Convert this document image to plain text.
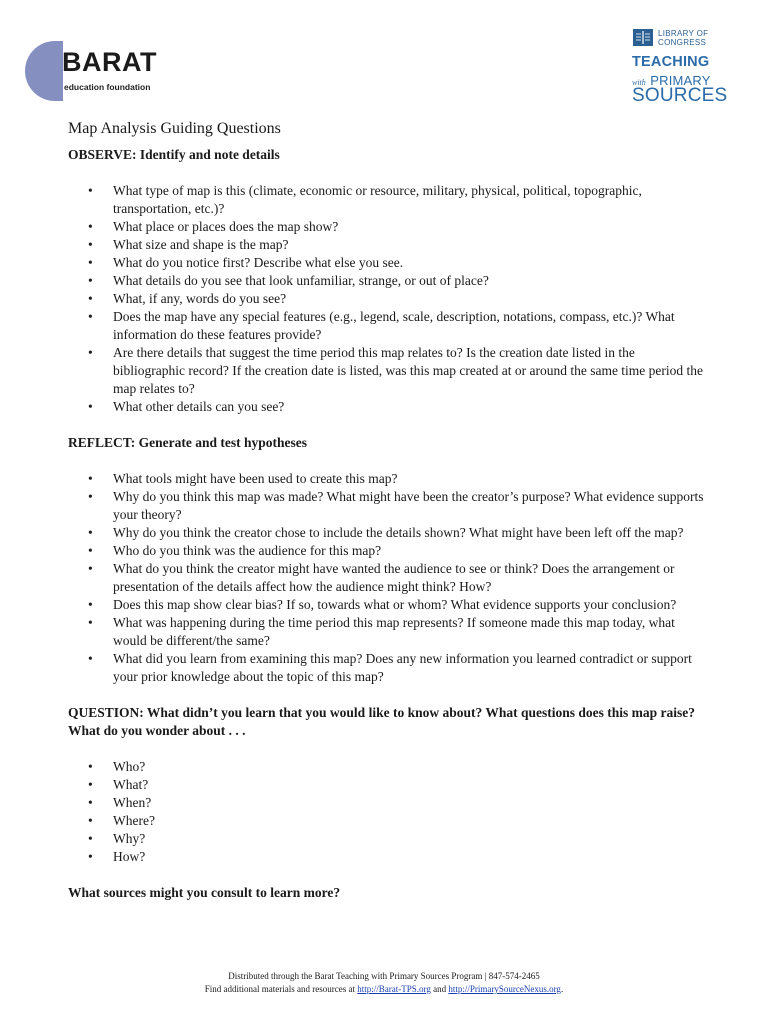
BARAT
education foundation
LIBRARY OF
CONGRESS
TEACHING
with PRIMARY
SOURCES
Map Analysis Guiding Questions

OBSERVE: Identify and note details

• What type of map is this (climate, economic or resource, military, physical, political, topographic, transportation, etc.)?
• What place or places does the map show?
• What size and shape is the map?
• What do you notice first? Describe what else you see.
• What details do you see that look unfamiliar, strange, or out of place?
• What, if any, words do you see?
• Does the map have any special features (e.g., legend, scale, description, notations, compass, etc.)? What information do these features provide?
• Are there details that suggest the time period this map relates to? Is the creation date listed in the bibliographic record? If the creation date is listed, was this map created at or around the same time period the map relates to?
• What other details can you see?

REFLECT: Generate and test hypotheses

• What tools might have been used to create this map?
• Why do you think this map was made? What might have been the creator’s purpose? What evidence supports your theory?
• Why do you think the creator chose to include the details shown? What might have been left off the map?
• Who do you think was the audience for this map?
• What do you think the creator might have wanted the audience to see or think? Does the arrangement or presentation of the details affect how the audience might think? How?
• Does this map show clear bias? If so, towards what or whom? What evidence supports your conclusion?
• What was happening during the time period this map represents? If someone made this map today, what would be different/the same?
• What did you learn from examining this map? Does any new information you learned contradict or support your prior knowledge about the topic of this map?

QUESTION: What didn’t you learn that you would like to know about? What questions does this map raise? What do you wonder about . . .

• Who?
• What?
• When?
• Where?
• Why?
• How?

What sources might you consult to learn more?

Distributed through the Barat Teaching with Primary Sources Program | 847-574-2465
Find additional materials and resources at http://Barat-TPS.org and http://PrimarySourceNexus.org.
